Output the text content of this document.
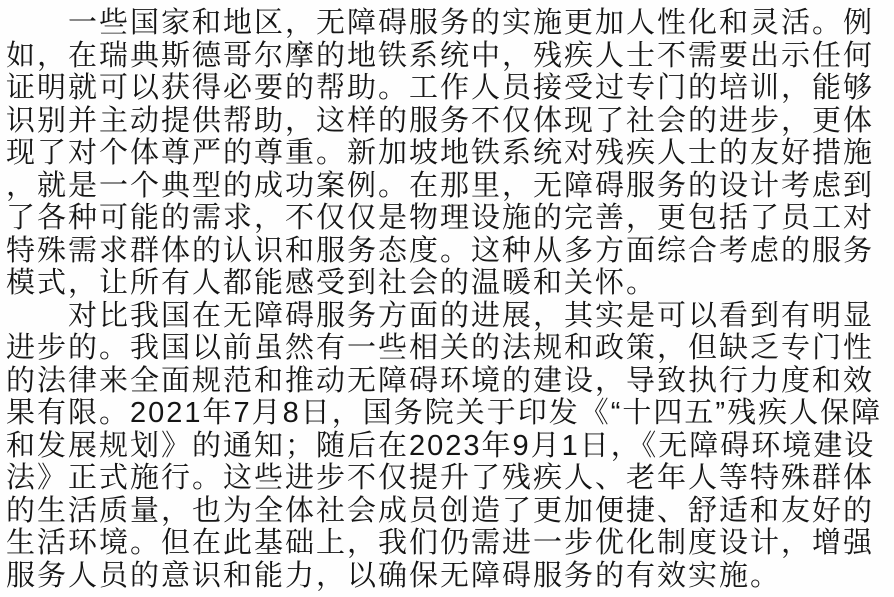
一些国家和地区，无障碍服务的实施更加人性化和灵活。例
如，在瑞典斯德哥尔摩的地铁系统中，残疾人士不需要出示任何
证明就可以获得必要的帮助。工作人员接受过专门的培训，能够
识别并主动提供帮助，这样的服务不仅体现了社会的进步，更体
现了对个体尊严的尊重。新加坡地铁系统对残疾人士的友好措施
，就是一个典型的成功案例。在那里，无障碍服务的设计考虑到
了各种可能的需求，不仅仅是物理设施的完善，更包括了员工对
特殊需求群体的认识和服务态度。这种从多方面综合考虑的服务
模式，让所有人都能感受到社会的温暖和关怀。
对比我国在无障碍服务方面的进展，其实是可以看到有明显
进步的。我国以前虽然有一些相关的法规和政策，但缺乏专门性
的法律来全面规范和推动无障碍环境的建设，导致执行力度和效
果有限。2021年7月8日，国务院关于印发《“十四五”残疾人保障
和发展规划》的通知；随后在2023年9月1日，《无障碍环境建设
法》正式施行。这些进步不仅提升了残疾人、老年人等特殊群体
的生活质量，也为全体社会成员创造了更加便捷、舒适和友好的
生活环境。但在此基础上，我们仍需进一步优化制度设计，增强
服务人员的意识和能力，以确保无障碍服务的有效实施。
